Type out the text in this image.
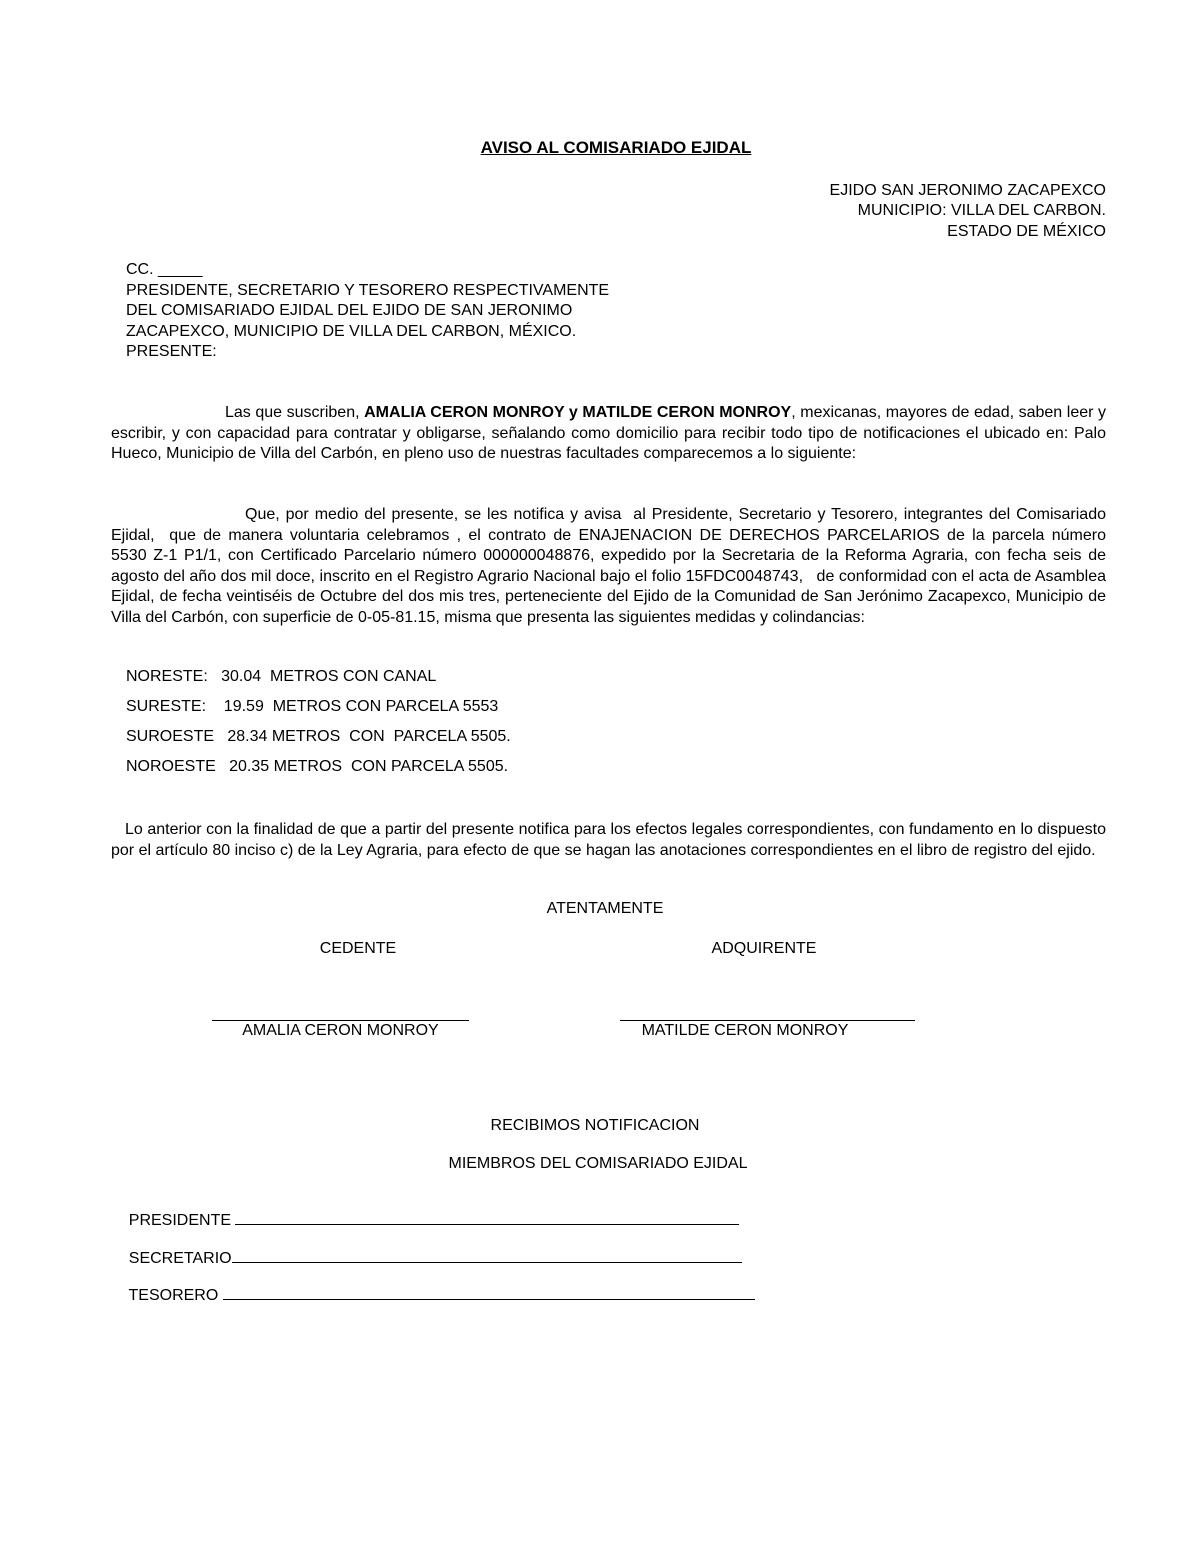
AVISO AL COMISARIADO EJIDAL
EJIDO SAN JERONIMO ZACAPEXCO
MUNICIPIO: VILLA DEL CARBON.
ESTADO DE MÉXICO
CC. _____
PRESIDENTE, SECRETARIO Y TESORERO RESPECTIVAMENTE
DEL COMISARIADO EJIDAL DEL EJIDO DE SAN JERONIMO
ZACAPEXCO, MUNICIPIO DE VILLA DEL CARBON, MÉXICO.
PRESENTE:

Las que suscriben, AMALIA CERON MONROY y MATILDE CERON MONROY, mexicanas, mayores de edad, saben leer y escribir, y con capacidad para contratar y obligarse, señalando como domicilio para recibir todo tipo de notificaciones el ubicado en: Palo Hueco, Municipio de Villa del Carbón, en pleno uso de nuestras facultades comparecemos a lo siguiente:

Que, por medio del presente, se les notifica y avisa  al Presidente, Secretario y Tesorero, integrantes del Comisariado Ejidal,  que de manera voluntaria celebramos , el contrato de ENAJENACION DE DERECHOS PARCELARIOS de la parcela número       5530 Z-1 P1/1, con Certificado Parcelario número 000000048876, expedido por la Secretaria de la Reforma Agraria, con fecha seis de agosto del año dos mil doce, inscrito en el Registro Agrario Nacional bajo el folio 15FDC0048743,   de conformidad con el acta de Asamblea Ejidal, de fecha veintiséis de Octubre del dos mis tres, perteneciente del Ejido de la Comunidad de San Jerónimo Zacapexco, Municipio de Villa del Carbón, con superficie de 0-05-81.15, misma que presenta las siguientes medidas y colindancias:

NORESTE:   30.04  METROS CON CANAL
SURESTE:    19.59  METROS CON PARCELA 5553
SUROESTE   28.34 METROS  CON  PARCELA 5505.
NOROESTE   20.35 METROS  CON PARCELA 5505.

Lo anterior con la finalidad de que a partir del presente notifica para los efectos legales correspondientes, con fundamento en lo dispuesto por el artículo 80 inciso c) de la Ley Agraria, para efecto de que se hagan las anotaciones correspondientes en el libro de registro del ejido.

ATENTAMENTE
CEDENTE	ADQUIRENTE
AMALIA CERON MONROY	MATILDE CERON MONROY
RECIBIMOS NOTIFICACION
MIEMBROS DEL COMISARIADO EJIDAL

PRESIDENTE

SECRETARIO

TESORERO
